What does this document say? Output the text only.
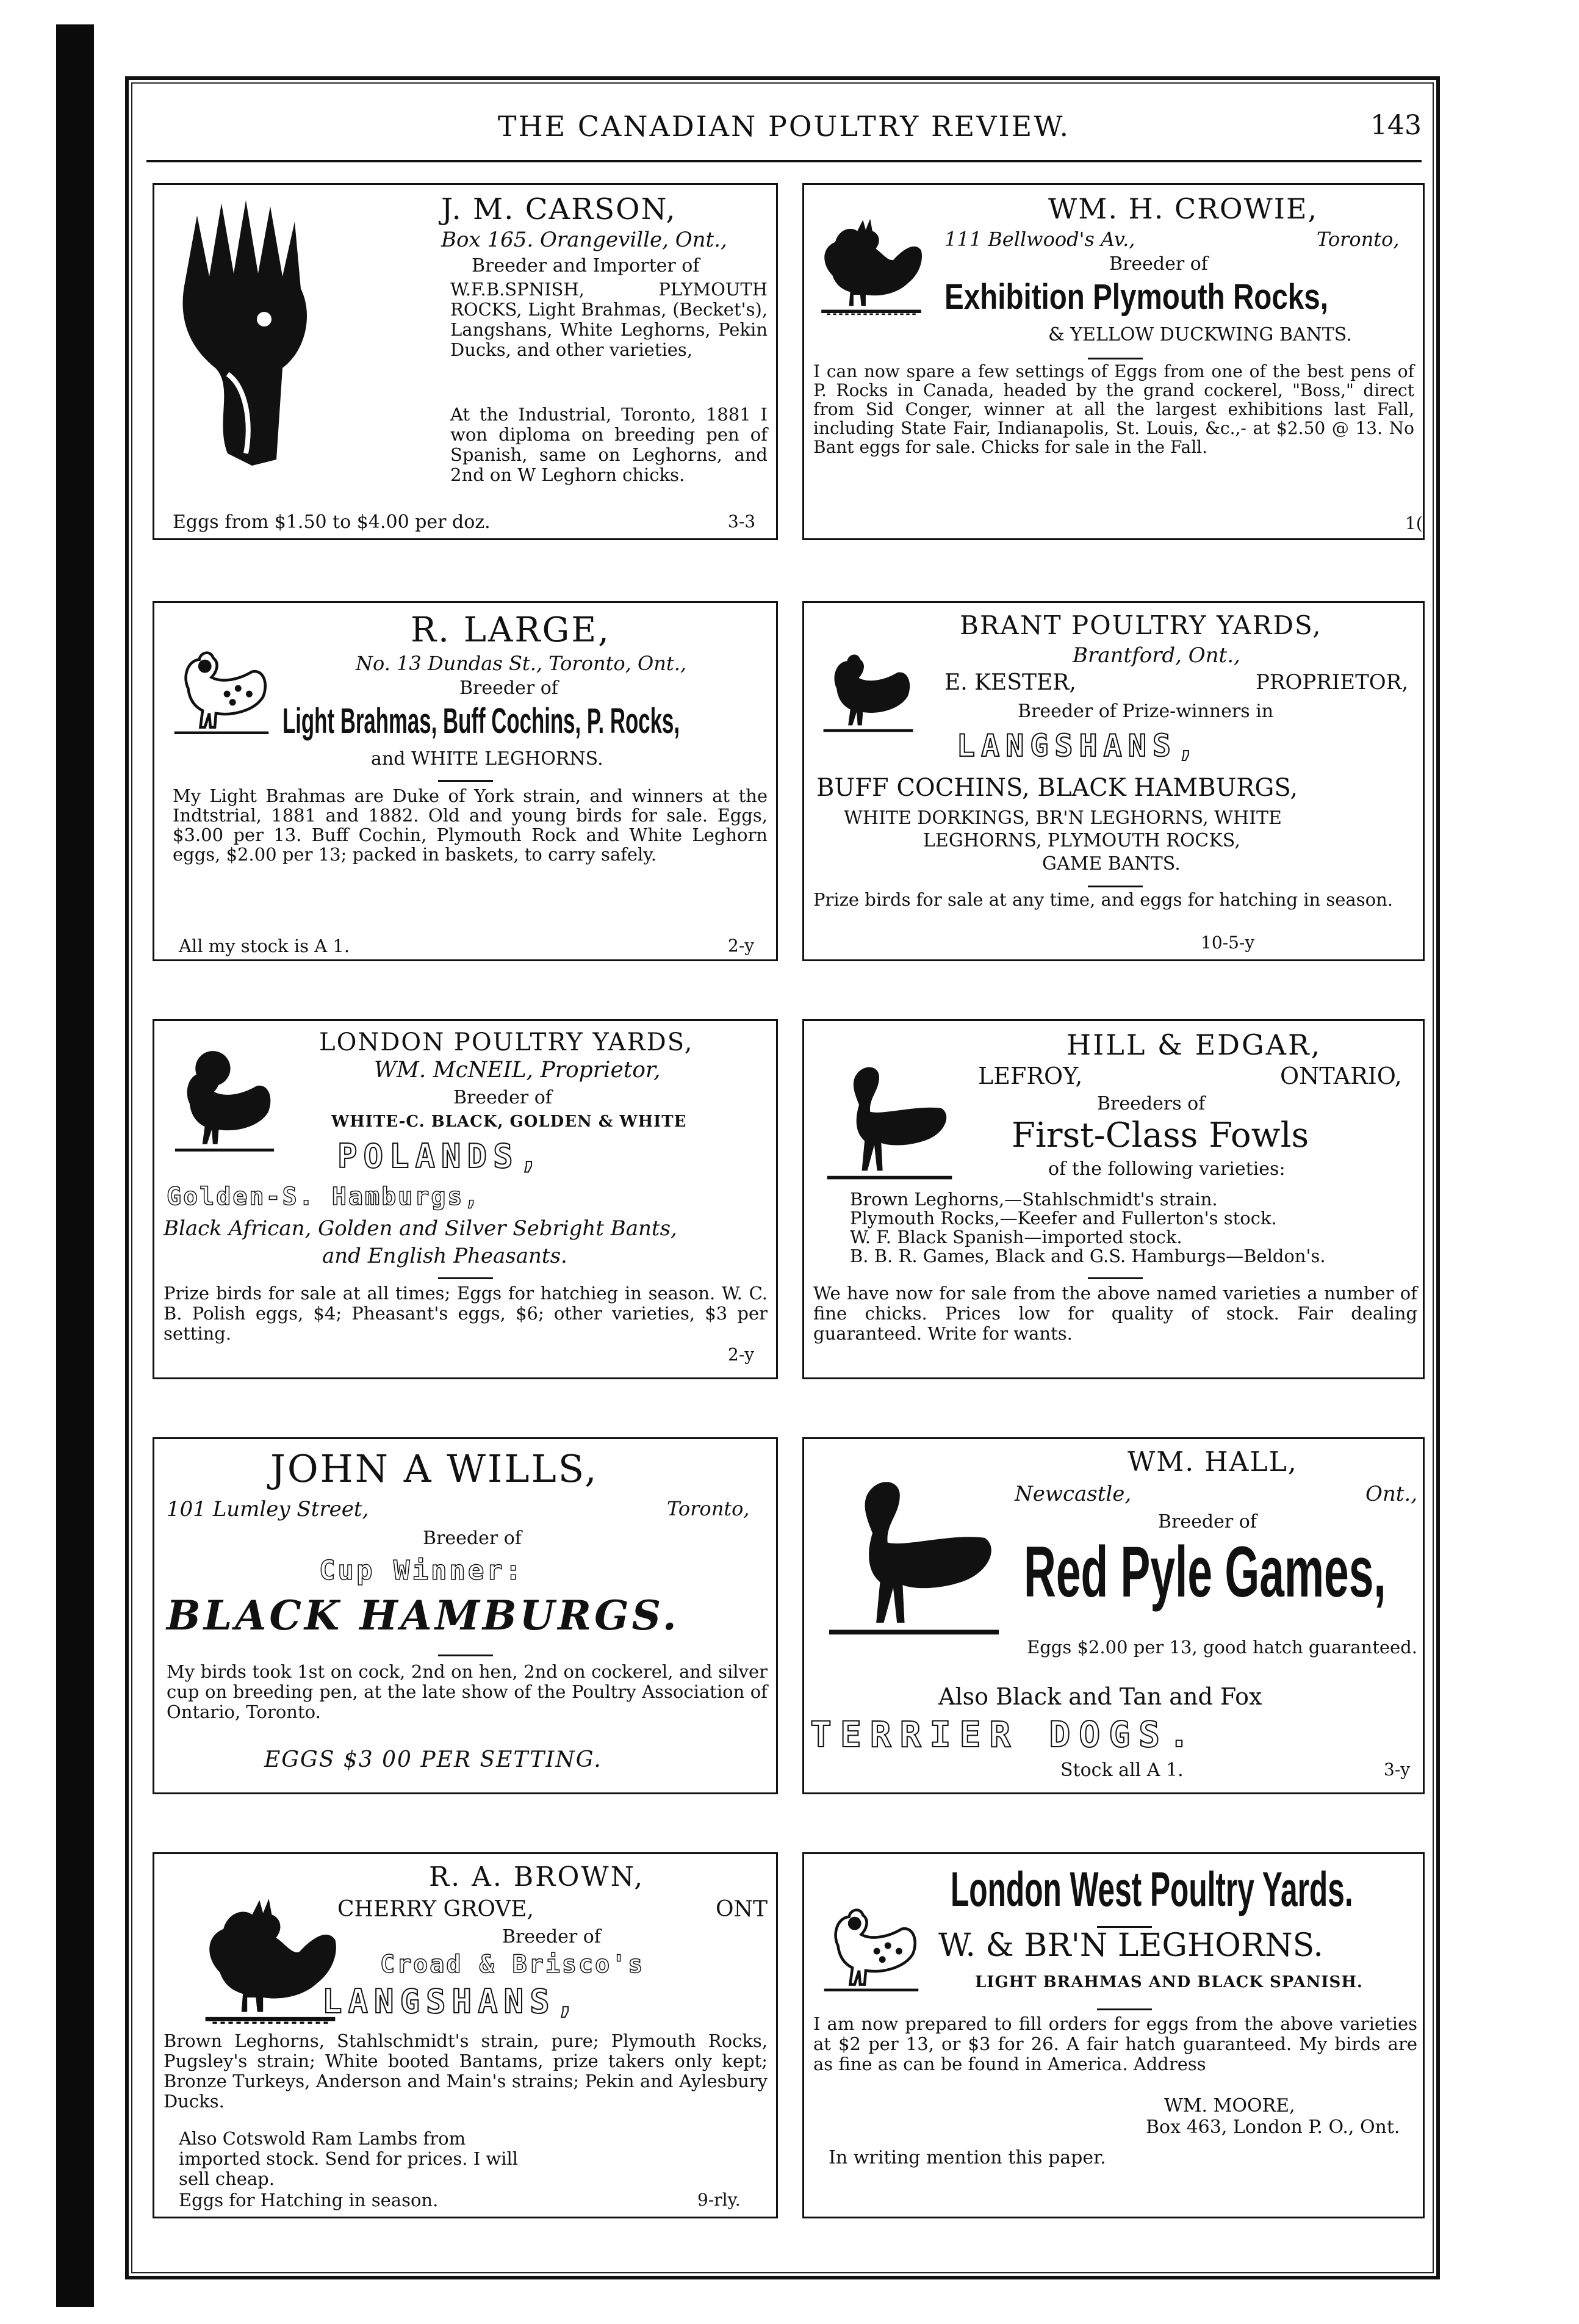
THE CANADIAN POULTRY REVIEW.	143
J. M. CARSON,
Box 165. Orangeville, Ont.,
Breeder and Importer of
W.F.B.SPNISH, PLYMOUTH ROCKS, Light Brahmas, (Becket's), Langshans, White Leghorns, Pekin Ducks, and other varieties,
At the Industrial, Toronto, 1881 I won diploma on breeding pen of Spanish, same on Leghorns, and 2nd on W Leghorn chicks.
Eggs from $1.50 to $4.00 per doz.	3-3
WM. H. CROWIE,
111 Bellwood's Av.,	Toronto,
Breeder of
Exhibition Plymouth Rocks,
& YELLOW DUCKWING BANTS.
I can now spare a few settings of Eggs from one of the best pens of P. Rocks in Canada, headed by the grand cockerel, "Boss," direct from Sid Conger, winner at all the largest exhibitions last Fall, including State Fair, Indianapolis, St. Louis, &c.,- at $2.50 @ 13. No Bant eggs for sale. Chicks for sale in the Fall.
1(
R. LARGE,
No. 13 Dundas St., Toronto, Ont.,
Breeder of
Light Brahmas, Buff Cochins, P. Rocks,
and WHITE LEGHORNS.
My Light Brahmas are Duke of York strain, and winners at the Indtstrial, 1881 and 1882. Old and young birds for sale. Eggs, $3.00 per 13. Buff Cochin, Plymouth Rock and White Leghorn eggs, $2.00 per 13; packed in baskets, to carry safely.
All my stock is A 1.	2-y
BRANT POULTRY YARDS,
Brantford, Ont.,
E. KESTER,	PROPRIETOR,
Breeder of Prize-winners in
LANGSHANS,
BUFF COCHINS, BLACK HAMBURGS,
WHITE DORKINGS, BR'N LEGHORNS, WHITE
LEGHORNS, PLYMOUTH ROCKS,
GAME BANTS.
Prize birds for sale at any time, and eggs for hatching in season.
10-5-y
LONDON POULTRY YARDS,
WM. McNEIL, Proprietor,
Breeder of
WHITE-C. BLACK, GOLDEN & WHITE
POLANDS,
Golden-S. Hamburgs,
Black African, Golden and Silver Sebright Bants,
and English Pheasants.
Prize birds for sale at all times; Eggs for hatchieg in season. W. C. B. Polish eggs, $4; Pheasant's eggs, $6; other varieties, $3 per setting.
2-y
HILL & EDGAR,
LEFROY,	ONTARIO,
Breeders of
First-Class Fowls
of the following varieties:
Brown Leghorns,—Stahlschmidt's strain.
Plymouth Rocks,—Keefer and Fullerton's stock.
W. F. Black Spanish—imported stock.
B. B. R. Games, Black and G.S. Hamburgs—Beldon's.
We have now for sale from the above named varieties a number of fine chicks. Prices low for quality of stock. Fair dealing guaranteed. Write for wants.
JOHN A WILLS,
101 Lumley Street,	Toronto,
Breeder of
Cup Winner:
BLACK HAMBURGS.
My birds took 1st on cock, 2nd on hen, 2nd on cockerel, and silver cup on breeding pen, at the late show of the Poultry Association of Ontario, Toronto.
EGGS $3 00 PER SETTING.
WM. HALL,
Newcastle,	Ont.,
Breeder of
Red Pyle Games,
Eggs $2.00 per 13, good hatch guaranteed.
Also Black and Tan and Fox
TERRIER DOGS.
Stock all A 1.	3-y
R. A. BROWN,
CHERRY GROVE,	ONT
Breeder of
Croad & Brisco's
LANGSHANS,
Brown Leghorns, Stahlschmidt's strain, pure; Plymouth Rocks, Pugsley's strain; White booted Bantams, prize takers only kept; Bronze Turkeys, Anderson and Main's strains; Pekin and Aylesbury Ducks.
Also Cotswold Ram Lambs from imported stock. Send for prices. I will sell cheap.
Eggs for Hatching in season.	9-rly.
London West Poultry Yards.
W. & BR'N LEGHORNS.
LIGHT BRAHMAS AND BLACK SPANISH.
I am now prepared to fill orders for eggs from the above varieties at $2 per 13, or $3 for 26. A fair hatch guaranteed. My birds are as fine as can be found in America. Address
WM. MOORE,
Box 463, London P. O., Ont.
In writing mention this paper.
